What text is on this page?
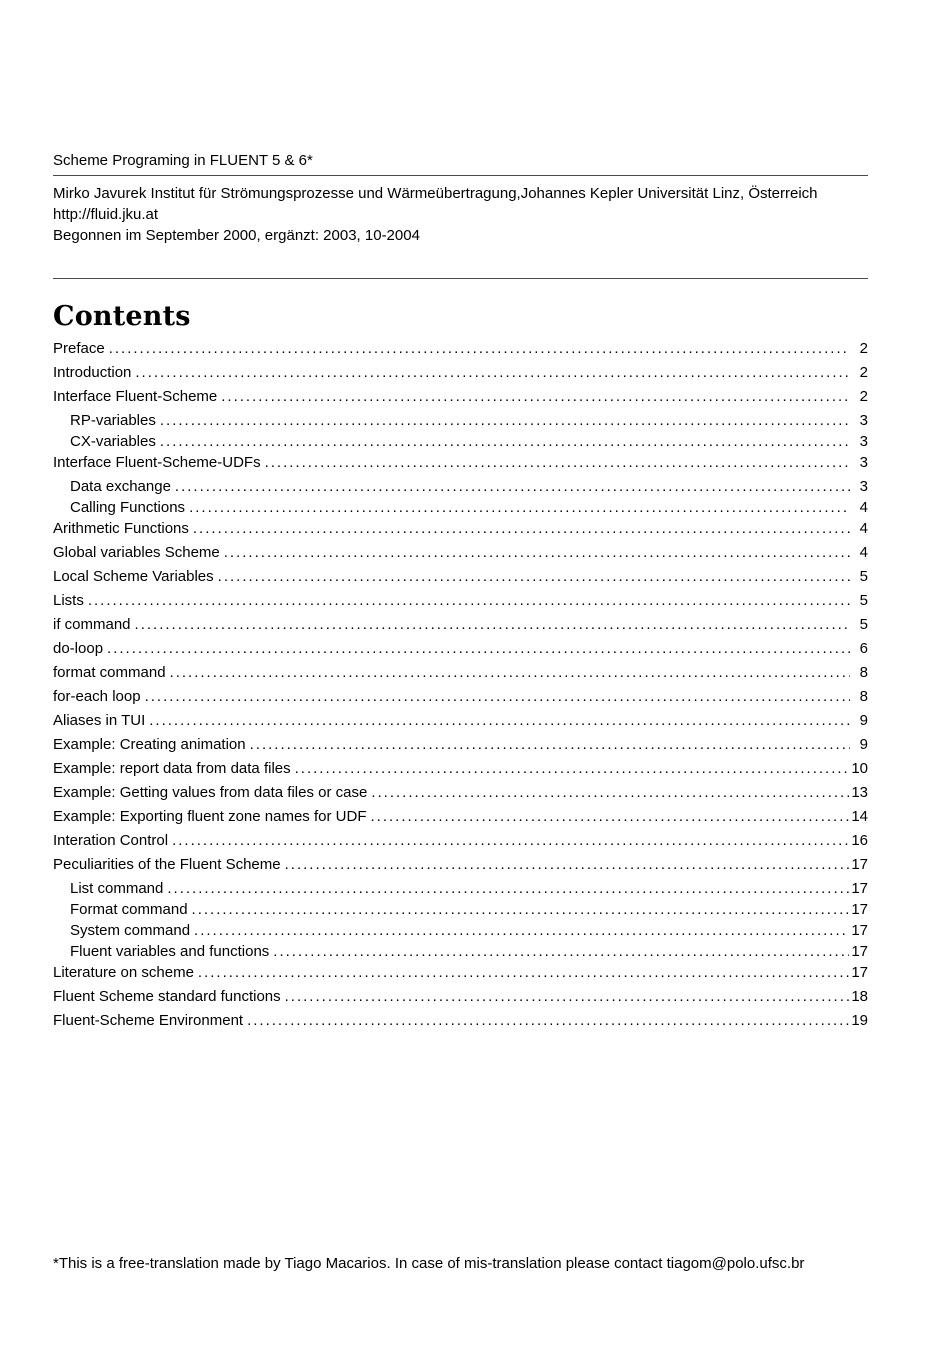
Scheme Programing in FLUENT 5 & 6*
Mirko Javurek Institut für Strömungsprozesse und Wärmeübertragung,Johannes Kepler Universität Linz, Österreich
http://fluid.jku.at
Begonnen im September 2000, ergänzt: 2003, 10-2004
Contents
Preface .....	2
Introduction .....	2
Interface Fluent-Scheme .....	2
RP-variables .....	3
CX-variables .....	3
Interface Fluent-Scheme-UDFs .....	3
Data exchange .....	3
Calling Functions .....	4
Arithmetic Functions .....	4
Global variables Scheme .....	4
Local Scheme Variables .....	5
Lists .....	5
if command .....	5
do-loop .....	6
format command .....	8
for-each loop .....	8
Aliases in TUI .....	9
Example: Creating animation .....	9
Example: report data from data files .....	10
Example: Getting values from data files or case .....	13
Example: Exporting fluent zone names for UDF .....	14
Interation Control .....	16
Peculiarities of the Fluent Scheme .....	17
List command .....	17
Format command .....	17
System command .....	17
Fluent variables and functions .....	17
Literature on scheme .....	17
Fluent Scheme standard functions .....	18
Fluent-Scheme Environment .....	19
*This is a free-translation made by Tiago Macarios. In case of mis-translation please contact tiagom@polo.ufsc.br
